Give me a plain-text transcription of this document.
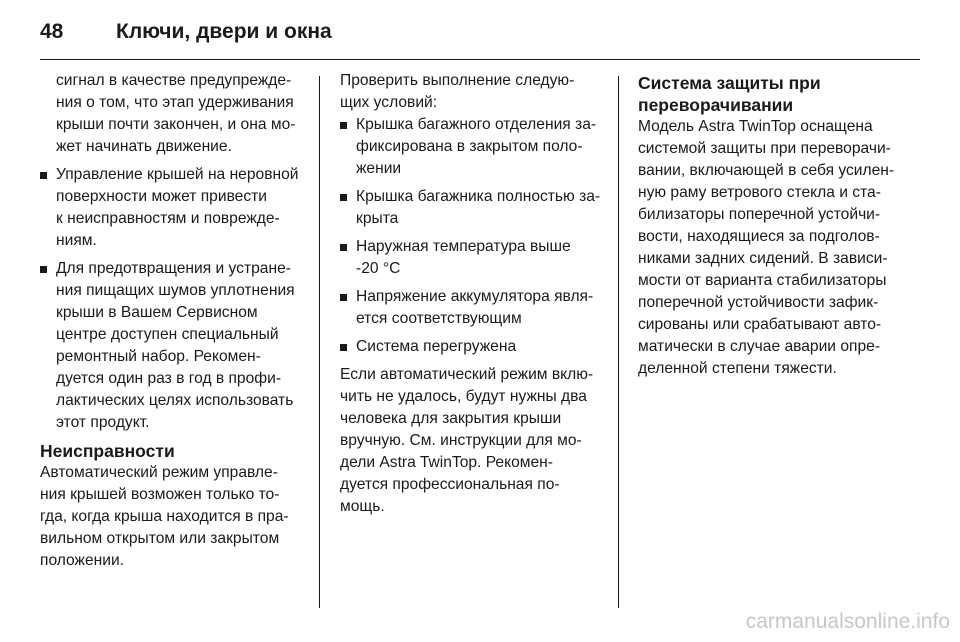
48	Ключи, двери и окна

сигнал в качестве предупрежде-
ния о том, что этап удерживания
крыши почти закончен, и она мо-
жет начинать движение.

Управление крышей на неровной
поверхности может привести
к неисправностям и поврежде-
ниям.

Для предотвращения и устране-
ния пищащих шумов уплотнения
крыши в Вашем Сервисном
центре доступен специальный
ремонтный набор. Рекомен-
дуется один раз в год в профи-
лактических целях использовать
этот продукт.

Неисправности

Автоматический режим управле-
ния крышей возможен только то-
гда, когда крыша находится в пра-
вильном открытом или закрытом
положении.

Проверить выполнение следую-
щих условий:

Крышка багажного отделения за-
фиксирована в закрытом поло-
жении

Крышка багажника полностью за-
крыта

Наружная температура выше
-20 °C

Напряжение аккумулятора явля-
ется соответствующим

Система перегружена

Если автоматический режим вклю-
чить не удалось, будут нужны два
человека для закрытия крыши
вручную. См. инструкции для мо-
дели Astra TwinTop. Рекомен-
дуется профессиональная по-
мощь.

Система защиты при
переворачивании

Модель Astra TwinTop оснащена
системой защиты при переворачи-
вании, включающей в себя усилен-
ную раму ветрового стекла и ста-
билизаторы поперечной устойчи-
вости, находящиеся за подголов-
никами задних сидений. В зависи-
мости от варианта стабилизаторы
поперечной устойчивости зафик-
сированы или срабатывают авто-
матически в случае аварии опре-
деленной степени тяжести.

carmanualsonline.info
